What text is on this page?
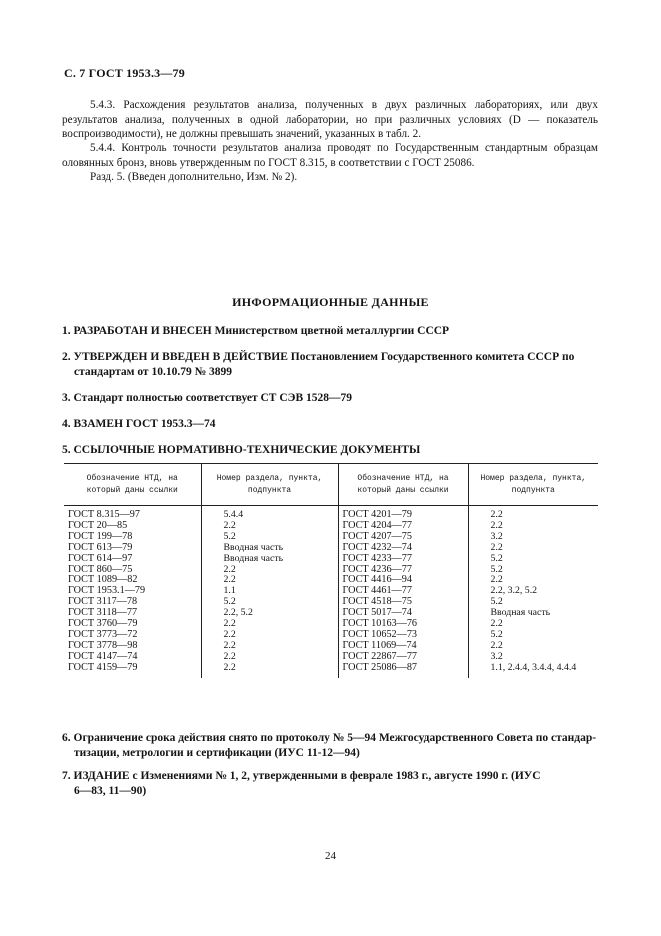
С. 7 ГОСТ 1953.3—79
5.4.3. Расхождения результатов анализа, полученных в двух различных лабораториях, или двух результатов анализа, полученных в одной лаборатории, но при различных условиях (D — показатель воспроизводимости), не должны превышать значений, указанных в табл. 2.
5.4.4. Контроль точности результатов анализа проводят по Государственным стандартным образцам оловянных бронз, вновь утвержденным по ГОСТ 8.315, в соответствии с ГОСТ 25086.
Разд. 5. (Введен дополнительно, Изм. № 2).
ИНФОРМАЦИОННЫЕ ДАННЫЕ
1. РАЗРАБОТАН И ВНЕСЕН Министерством цветной металлургии СССР
2. УТВЕРЖДЕН И ВВЕДЕН В ДЕЙСТВИЕ Постановлением Государственного комитета СССР по
стандартам от 10.10.79 № 3899
3. Стандарт полностью соответствует СТ СЭВ 1528—79
4. ВЗАМЕН ГОСТ 1953.3—74
5. ССЫЛОЧНЫЕ НОРМАТИВНО-ТЕХНИЧЕСКИЕ ДОКУМЕНТЫ
Обозначение НТД, на который даны ссылки	Номер раздела, пункта, подпункта	Обозначение НТД, на который даны ссылки	Номер раздела, пункта, подпункта
ГОСТ 8.315—97	5.4.4	ГОСТ 4201—79	2.2
ГОСТ 20—85	2.2	ГОСТ 4204—77	2.2
ГОСТ 199—78	5.2	ГОСТ 4207—75	3.2
ГОСТ 613—79	Вводная часть	ГОСТ 4232—74	2.2
ГОСТ 614—97	Вводная часть	ГОСТ 4233—77	5.2
ГОСТ 860—75	2.2	ГОСТ 4236—77	5.2
ГОСТ 1089—82	2.2	ГОСТ 4416—94	2.2
ГОСТ 1953.1—79	1.1	ГОСТ 4461—77	2.2, 3.2, 5.2
ГОСТ 3117—78	5.2	ГОСТ 4518—75	5.2
ГОСТ 3118—77	2.2, 5.2	ГОСТ 5017—74	Вводная часть
ГОСТ 3760—79	2.2	ГОСТ 10163—76	2.2
ГОСТ 3773—72	2.2	ГОСТ 10652—73	5.2
ГОСТ 3778—98	2.2	ГОСТ 11069—74	2.2
ГОСТ 4147—74	2.2	ГОСТ 22867—77	3.2
ГОСТ 4159—79	2.2	ГОСТ 25086—87	1.1, 2.4.4, 3.4.4, 4.4.4
6. Ограничение срока действия снято по протоколу № 5—94 Межгосударственного Совета по стандар-
тизации, метрологии и сертификации (ИУС 11-12—94)
7. ИЗДАНИЕ с Изменениями № 1, 2, утвержденными в феврале 1983 г., августе 1990 г. (ИУС
6—83, 11—90)
24
